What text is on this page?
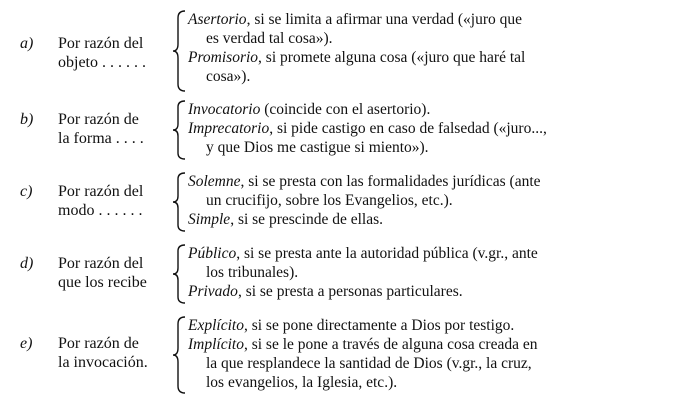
a) Por razón del
objeto . . . . . .
Asertorio, si se limita a afirmar una verdad («juro que
es verdad tal cosa»).
Promisorio, si promete alguna cosa («juro que haré tal
cosa»).
b) Por razón de
la forma . . . .
Invocatorio (coincide con el asertorio).
Imprecatorio, si pide castigo en caso de falsedad («juro...,
y que Dios me castigue si miento»).
c) Por razón del
modo . . . . . .
Solemne, si se presta con las formalidades jurídicas (ante
un crucifijo, sobre los Evangelios, etc.).
Simple, si se prescinde de ellas.
d) Por razón del
que los recibe
Público, si se presta ante la autoridad pública (v.gr., ante
los tribunales).
Privado, si se presta a personas particulares.
e) Por razón de
la invocación.
Explícito, si se pone directamente a Dios por testigo.
Implícito, si se le pone a través de alguna cosa creada en
la que resplandece la santidad de Dios (v.gr., la cruz,
los evangelios, la Iglesia, etc.).
